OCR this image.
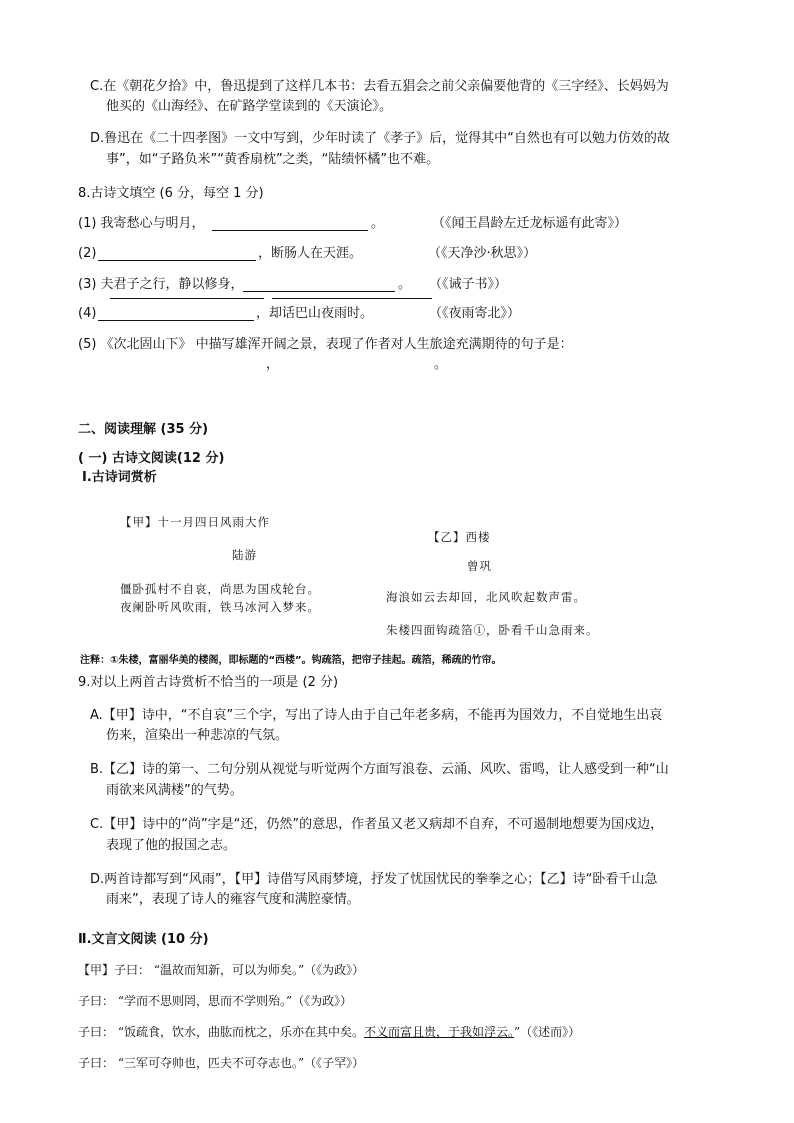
C.在《朝花夕拾》中，鲁迅提到了这样几本书：去看五猖会之前父亲偏要他背的《三字经》、长妈妈为
他买的《山海经》、在矿路学堂读到的《天演论》。
D.鲁迅在《二十四孝图》一文中写到，少年时读了《孝子》后，觉得其中“自然也有可以勉力仿效的故
事”，如“子路负米”“黄香扇枕”之类，“陆绩怀橘”也不难。
8.古诗文填空 (6 分，每空 1 分)
(1) 我寄愁心与明月，	。	（《闻王昌龄左迁龙标遥有此寄》）
(2)	，断肠人在天涯。	（《天净沙·秋思》）
(3) 夫君子之行，静以修身，	。 （《诫子书》）
(4)	，却话巴山夜雨时。	（《夜雨寄北》）
(5) 《次北固山下》 中描写雄浑开阔之景，表现了作者对人生旅途充满期待的句子是：
，	。
二、阅读理解 (35 分)
( 一) 古诗文阅读(12 分)
Ⅰ.古诗词赏析
【甲】十一月四日风雨大作
陆游
僵卧孤村不自哀，尚思为国戍轮台。
夜阑卧听风吹雨，铁马冰河入梦来。
【乙】西楼
曾巩
海浪如云去却回，北风吹起数声雷。
朱楼四面钩疏箔①，卧看千山急雨来。
注释：①朱楼，富丽华美的楼阁，即标题的“西楼”。钩疏箔，把帘子挂起。疏箔，稀疏的竹帘。
9.对以上两首古诗赏析不恰当的一项是 (2 分)
A.【甲】诗中，“不自哀”三个字，写出了诗人由于自己年老多病，不能再为国效力，不自觉地生出哀
伤来，渲染出一种悲凉的气氛。
B.【乙】诗的第一、二句分别从视觉与听觉两个方面写浪卷、云涌、风吹、雷鸣，让人感受到一种“山
雨欲来风满楼”的气势。
C.【甲】诗中的“尚”字是“还，仍然”的意思，作者虽又老又病却不自弃，不可遏制地想要为国戍边，
表现了他的报国之志。
D.两首诗都写到“风雨”，【甲】诗借写风雨梦境，抒发了忧国忧民的拳拳之心；【乙】诗“卧看千山急
雨来”，表现了诗人的雍容气度和满腔豪情。
Ⅱ.文言文阅读 (10 分)
【甲】子曰： “温故而知新，可以为师矣。”（《为政》）
子曰： “学而不思则罔，思而不学则殆。”（《为政》）
子曰： “饭疏食，饮水，曲肱而枕之，乐亦在其中矣。不义而富且贵，于我如浮云。”（《述而》）
子曰： “三军可夺帅也，匹夫不可夺志也。”（《子罕》）
